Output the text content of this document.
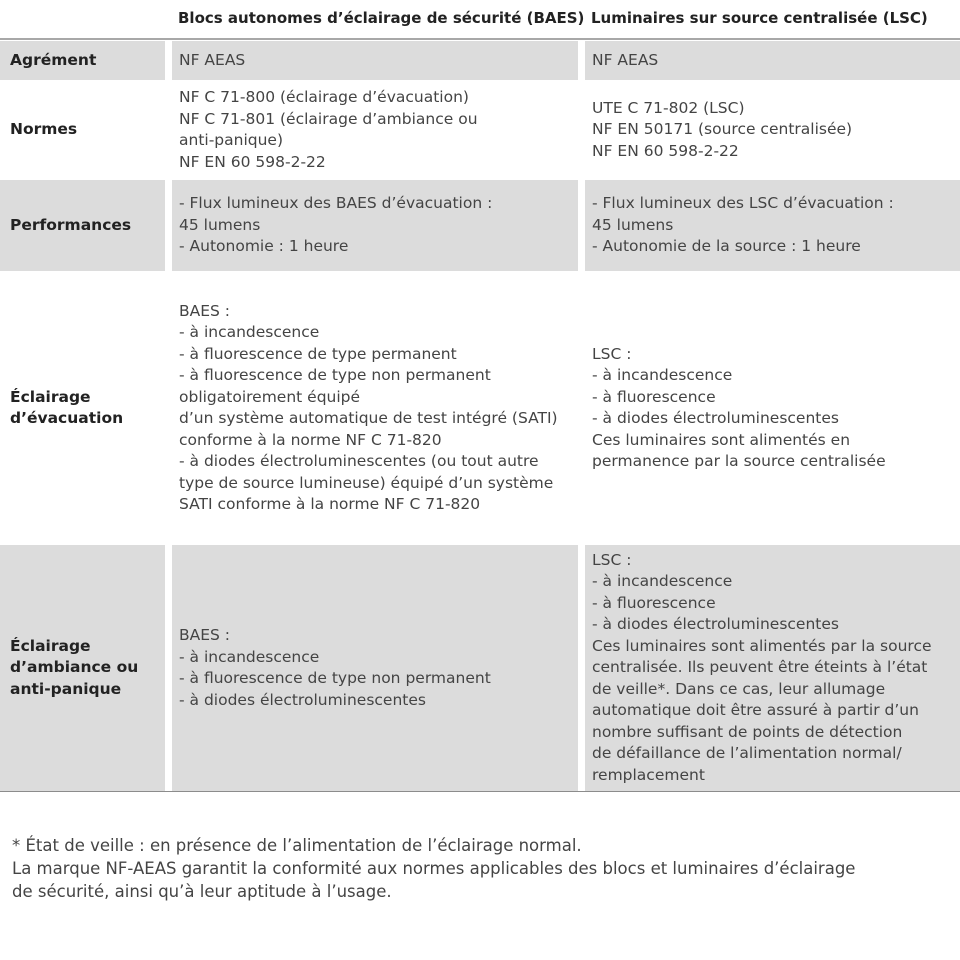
Blocs autonomes d’éclairage de sécurité (BAES) Luminaires sur source centralisée (LSC)
Agrément	NF AEAS	NF AEAS
Normes
NF C 71-800 (éclairage d’évacuation)
NF C 71-801 (éclairage d’ambiance ou
anti-panique)
NF EN 60 598-2-22
UTE C 71-802 (LSC)
NF EN 50171 (source centralisée)
NF EN 60 598-2-22
Performances
- Flux lumineux des BAES d’évacuation :
45 lumens
- Autonomie : 1 heure
- Flux lumineux des LSC d’évacuation :
45 lumens
- Autonomie de la source : 1 heure
Éclairage
d’évacuation
BAES :
- à incandescence
- à fluorescence de type permanent
- à fluorescence de type non permanent
obligatoirement équipé
d’un système automatique de test intégré (SATI)
conforme à la norme NF C 71-820
- à diodes électroluminescentes (ou tout autre
type de source lumineuse) équipé d’un système
SATI conforme à la norme NF C 71-820
LSC :
- à incandescence
- à fluorescence
- à diodes électroluminescentes
Ces luminaires sont alimentés en
permanence par la source centralisée
Éclairage
d’ambiance ou
anti-panique
BAES :
- à incandescence
- à fluorescence de type non permanent
- à diodes électroluminescentes
LSC :
- à incandescence
- à fluorescence
- à diodes électroluminescentes
Ces luminaires sont alimentés par la source
centralisée. Ils peuvent être éteints à l’état
de veille*. Dans ce cas, leur allumage
automatique doit être assuré à partir d’un
nombre suffisant de points de détection
de défaillance de l’alimentation normal/
remplacement
* État de veille : en présence de l’alimentation de l’éclairage normal.
La marque NF-AEAS garantit la conformité aux normes applicables des blocs et luminaires d’éclairage
de sécurité, ainsi qu’à leur aptitude à l’usage.
